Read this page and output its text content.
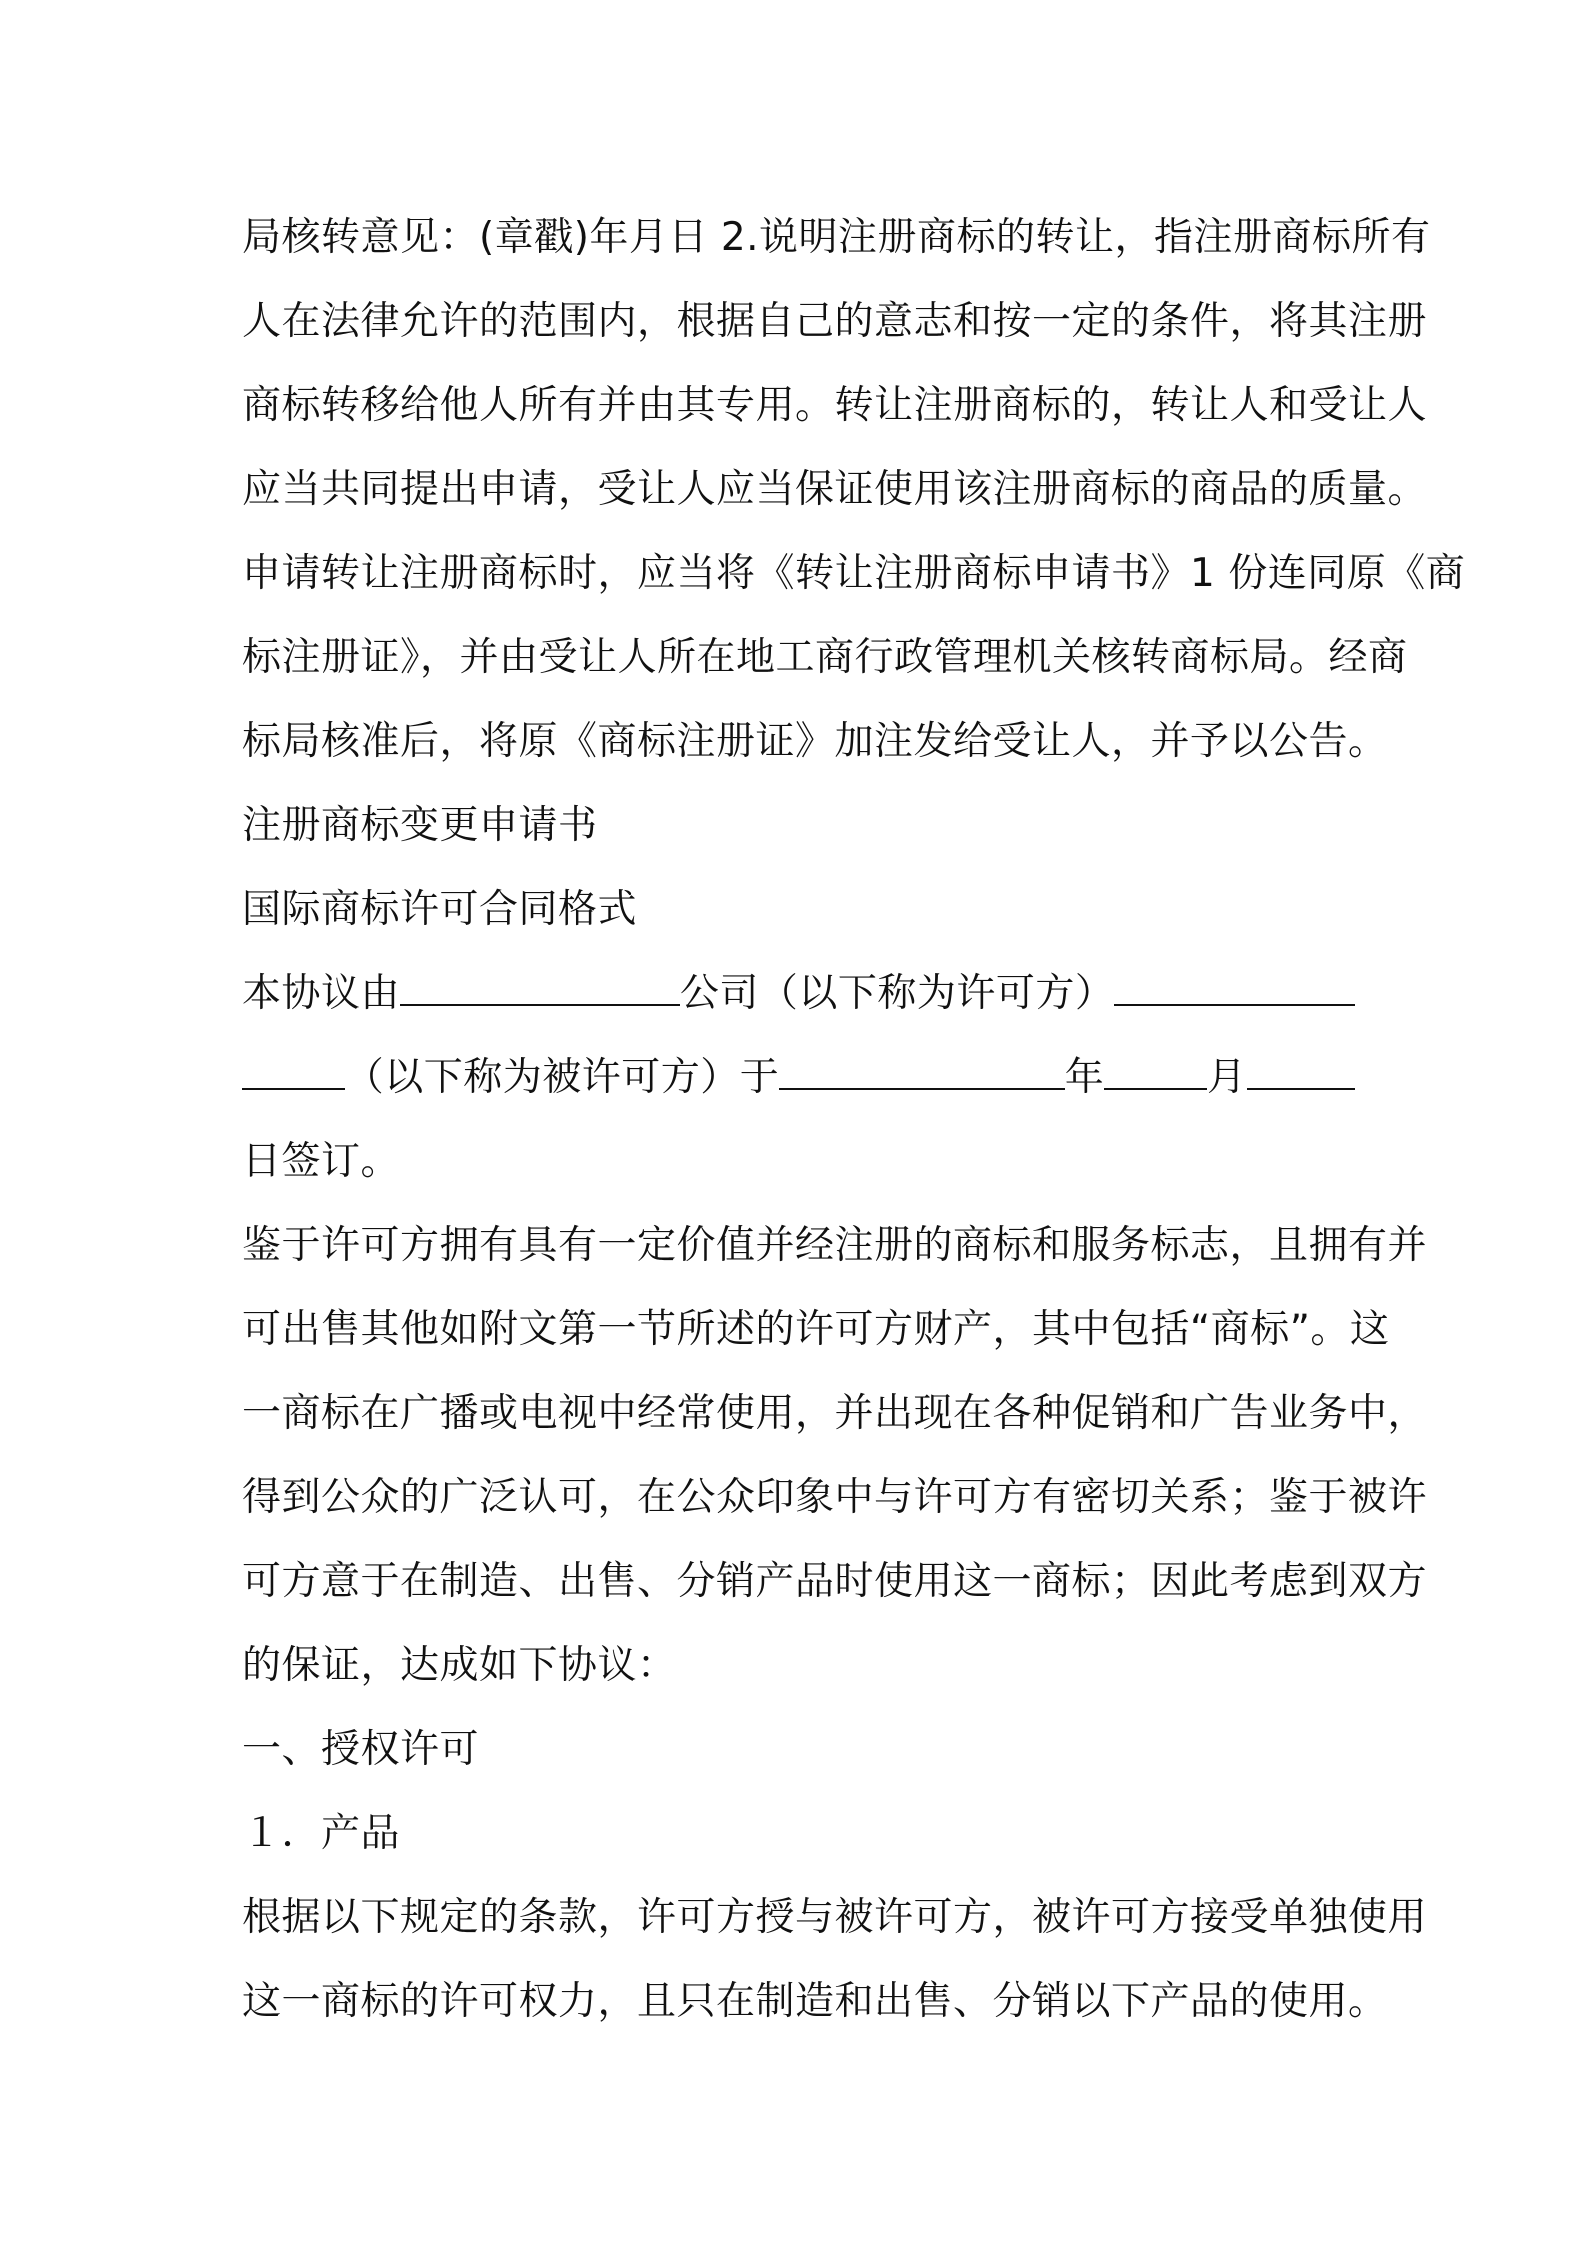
局核转意见：(章戳)年月日 2.说明注册商标的转让，指注册商标所有
人在法律允许的范围内，根据自己的意志和按一定的条件，将其注册
商标转移给他人所有并由其专用。转让注册商标的，转让人和受让人
应当共同提出申请，受让人应当保证使用该注册商标的商品的质量。
申请转让注册商标时，应当将《转让注册商标申请书》1 份连同原《商
标注册证》，并由受让人所在地工商行政管理机关核转商标局。经商
标局核准后，将原《商标注册证》加注发给受让人，并予以公告。
注册商标变更申请书
国际商标许可合同格式
本协议由	公司（以下称为许可方）
（以下称为被许可方）于	年	月
日签订。
鉴于许可方拥有具有一定价值并经注册的商标和服务标志，且拥有并
可出售其他如附文第一节所述的许可方财产，其中包括“商标”。这
一商标在广播或电视中经常使用，并出现在各种促销和广告业务中，
得到公众的广泛认可，在公众印象中与许可方有密切关系；鉴于被许
可方意于在制造、出售、分销产品时使用这一商标；因此考虑到双方
的保证，达成如下协议：
一、授权许可
１．产品
根据以下规定的条款，许可方授与被许可方，被许可方接受单独使用
这一商标的许可权力，且只在制造和出售、分销以下产品的使用。
